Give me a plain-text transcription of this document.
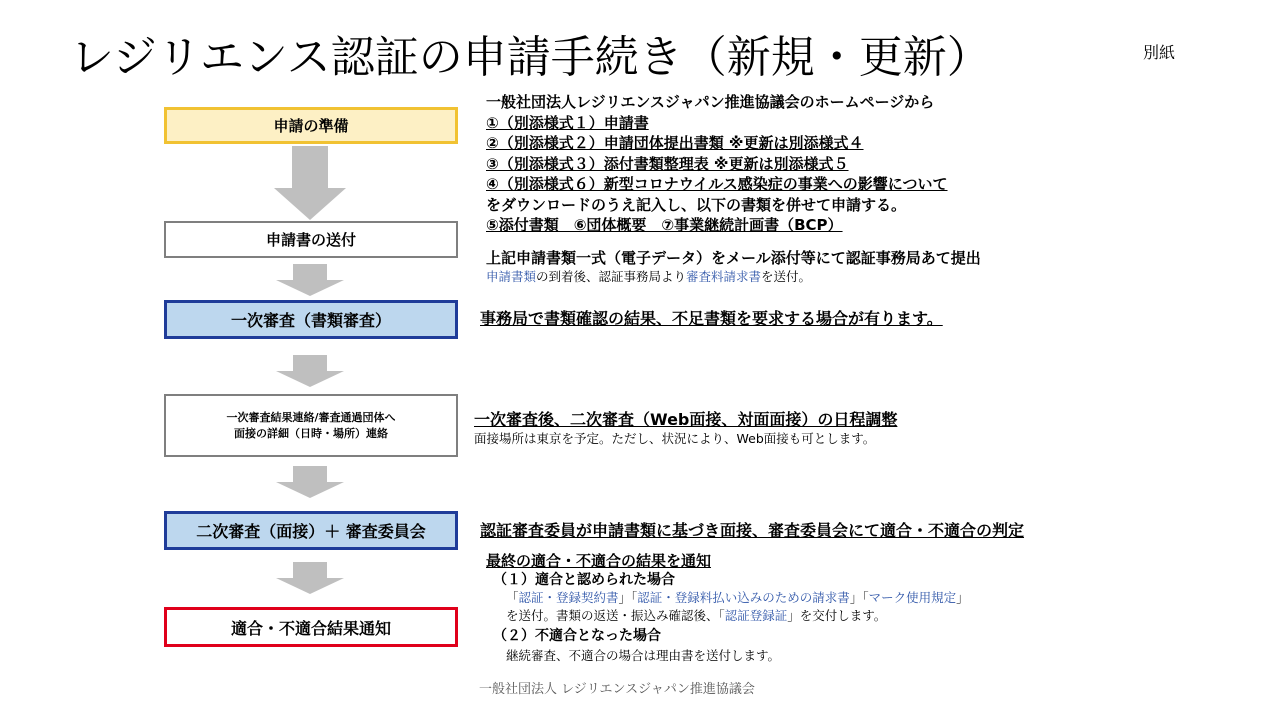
レジリエンス認証の申請手続き（新規・更新）	別紙
申請の準備
申請書の送付
一次審査（書類審査）
一次審査結果連絡/審査通過団体へ
面接の詳細（日時・場所）連絡
二次審査（面接）＋ 審査委員会
適合・不適合結果通知
一般社団法人レジリエンスジャパン推進協議会のホームページから
①（別添様式１）申請書
②（別添様式２）申請団体提出書類 ※更新は別添様式４
③（別添様式３）添付書類整理表 ※更新は別添様式５
④（別添様式６）新型コロナウイルス感染症の事業への影響について
をダウンロードのうえ記入し、以下の書類を併せて申請する。
⑤添付書類　⑥団体概要　⑦事業継続計画書（BCP）
上記申請書類一式（電子データ）をメール添付等にて認証事務局あて提出
申請書類の到着後、認証事務局より審査料請求書を送付。
事務局で書類確認の結果、不足書類を要求する場合が有ります。
一次審査後、二次審査（Web面接、対面面接）の日程調整
面接場所は東京を予定。ただし、状況により、Web面接も可とします。
認証審査委員が申請書類に基づき面接、審査委員会にて適合・不適合の判定
最終の適合・不適合の結果を通知
（１）適合と認められた場合
「認証・登録契約書」「認証・登録料払い込みのための請求書」「マーク使用規定」
を送付。書類の返送・振込み確認後、「認証登録証」を交付します。
（２）不適合となった場合
継続審査、不適合の場合は理由書を送付します。
一般社団法人 レジリエンスジャパン推進協議会
